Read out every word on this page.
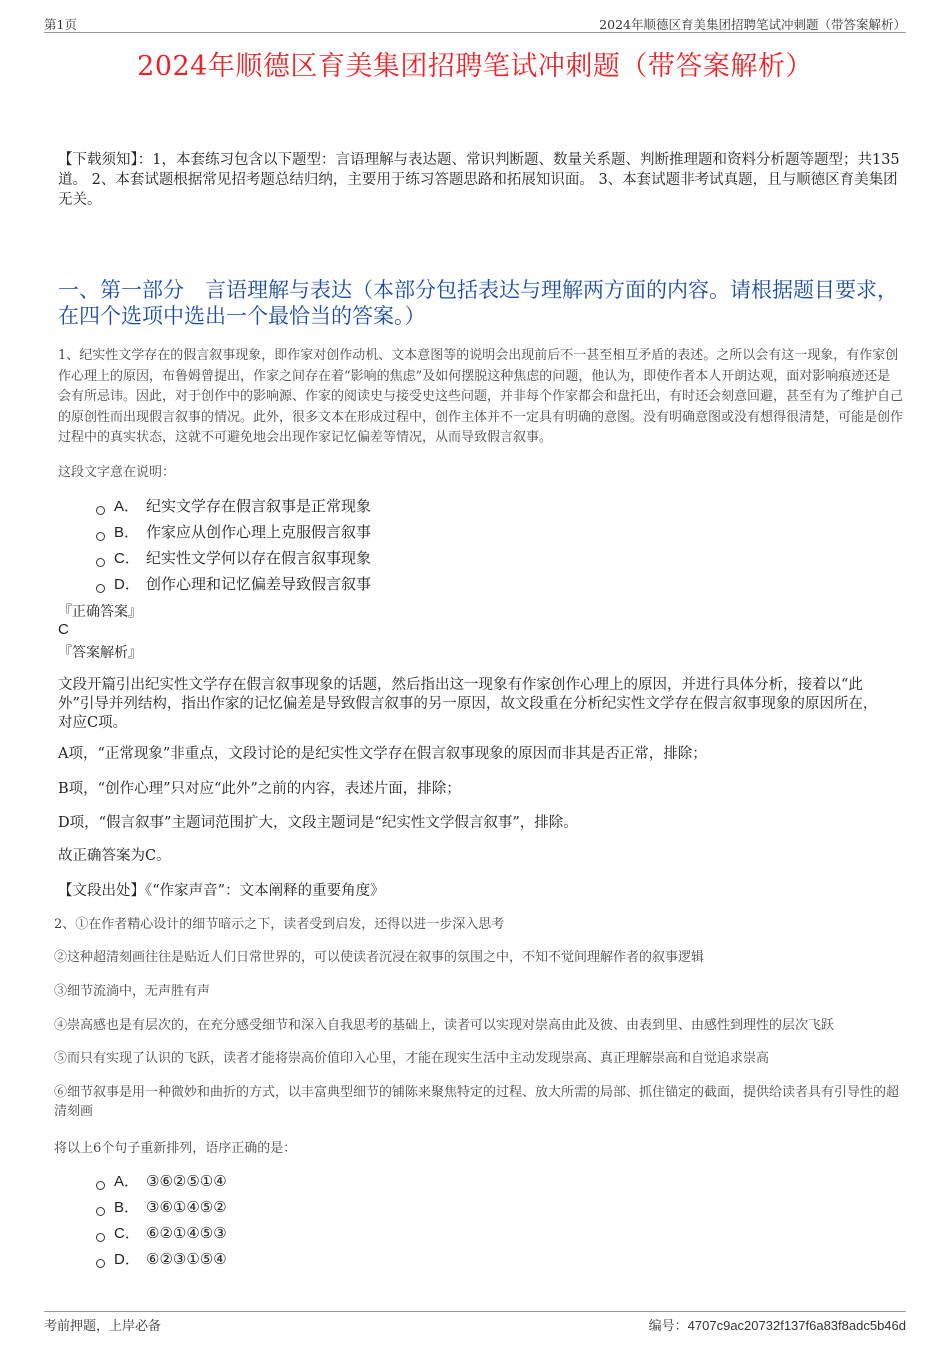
第1页	2024年顺德区育美集团招聘笔试冲刺题（带答案解析）
2024年顺德区育美集团招聘笔试冲刺题（带答案解析）
【下载须知】：1，本套练习包含以下题型：言语理解与表达题、常识判断题、数量关系题、判断推理题和资料分析题等题型；共135道。 2、本套试题根据常见招考题总结归纳，主要用于练习答题思路和拓展知识面。 3、本套试题非考试真题，且与顺德区育美集团无关。
一、第一部分　言语理解与表达（本部分包括表达与理解两方面的内容。请根据题目要求，在四个选项中选出一个最恰当的答案。）
1、纪实性文学存在的假言叙事现象，即作家对创作动机、文本意图等的说明会出现前后不一甚至相互矛盾的表述。之所以会有这一现象，有作家创作心理上的原因，布鲁姆曾提出，作家之间存在着“影响的焦虑”及如何摆脱这种焦虑的问题，他认为，即使作者本人开朗达观，面对影响痕迹还是会有所忌讳。因此，对于创作中的影响源、作家的阅读史与接受史这些问题，并非每个作家都会和盘托出，有时还会刻意回避，甚至有为了维护自己的原创性而出现假言叙事的情况。此外，很多文本在形成过程中，创作主体并不一定具有明确的意图。没有明确意图或没有想得很清楚，可能是创作过程中的真实状态，这就不可避免地会出现作家记忆偏差等情况，从而导致假言叙事。
这段文字意在说明：
A． 纪实文学存在假言叙事是正常现象
B． 作家应从创作心理上克服假言叙事
C． 纪实性文学何以存在假言叙事现象
D． 创作心理和记忆偏差导致假言叙事
『正确答案』
C
『答案解析』
文段开篇引出纪实性文学存在假言叙事现象的话题，然后指出这一现象有作家创作心理上的原因，并进行具体分析，接着以“此外”引导并列结构，指出作家的记忆偏差是导致假言叙事的另一原因，故文段重在分析纪实性文学存在假言叙事现象的原因所在，对应C项。
A项，“正常现象”非重点，文段讨论的是纪实性文学存在假言叙事现象的原因而非其是否正常，排除；
B项，“创作心理”只对应“此外”之前的内容，表述片面，排除；
D项，“假言叙事”主题词范围扩大，文段主题词是“纪实性文学假言叙事”，排除。
故正确答案为C。
【文段出处】《“作家声音”：文本阐释的重要角度》
2、①在作者精心设计的细节暗示之下，读者受到启发，还得以进一步深入思考
②这种超清刻画往往是贴近人们日常世界的，可以使读者沉浸在叙事的氛围之中，不知不觉间理解作者的叙事逻辑
③细节流淌中，无声胜有声
④崇高感也是有层次的，在充分感受细节和深入自我思考的基础上，读者可以实现对崇高由此及彼、由表到里、由感性到理性的层次飞跃
⑤而只有实现了认识的飞跃，读者才能将崇高价值印入心里，才能在现实生活中主动发现崇高、真正理解崇高和自觉追求崇高
⑥细节叙事是用一种微妙和曲折的方式，以丰富典型细节的铺陈来聚焦特定的过程、放大所需的局部、抓住锚定的截面，提供给读者具有引导性的超清刻画
将以上6个句子重新排列，语序正确的是：
A． ③⑥②⑤①④
B． ③⑥①④⑤②
C． ⑥②①④⑤③
D． ⑥②③①⑤④
考前押题，上岸必备	编号：4707c9ac20732f137f6a83f8adc5b46d
